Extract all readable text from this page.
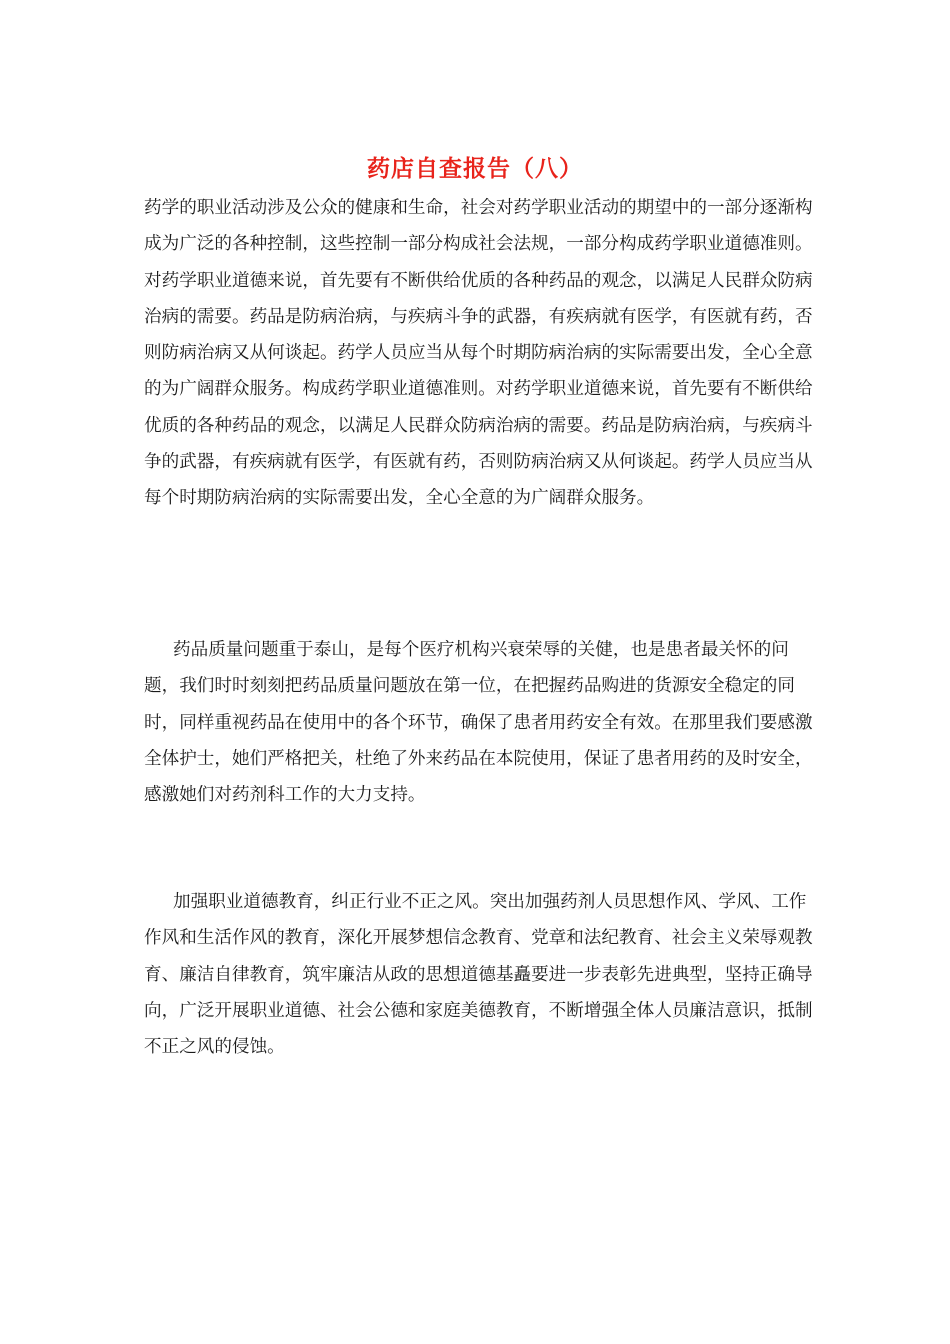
药店自查报告（八）

药学的职业活动涉及公众的健康和生命，社会对药学职业活动的期望中的一部分逐渐构成为广泛的各种控制，这些控制一部分构成社会法规，一部分构成药学职业道德准则。对药学职业道德来说，首先要有不断供给优质的各种药品的观念，以满足人民群众防病治病的需要。药品是防病治病，与疾病斗争的武器，有疾病就有医学，有医就有药，否则防病治病又从何谈起。药学人员应当从每个时期防病治病的实际需要出发，全心全意的为广阔群众服务。构成药学职业道德准则。对药学职业道德来说，首先要有不断供给优质的各种药品的观念，以满足人民群众防病治病的需要。药品是防病治病，与疾病斗争的武器，有疾病就有医学，有医就有药，否则防病治病又从何谈起。药学人员应当从每个时期防病治病的实际需要出发，全心全意的为广阔群众服务。

药品质量问题重于泰山，是每个医疗机构兴衰荣辱的关健，也是患者最关怀的问题，我们时时刻刻把药品质量问题放在第一位，在把握药品购进的货源安全稳定的同时，同样重视药品在使用中的各个环节，确保了患者用药安全有效。在那里我们要感激全体护士，她们严格把关，杜绝了外来药品在本院使用，保证了患者用药的及时安全，感激她们对药剂科工作的大力支持。

加强职业道德教育，纠正行业不正之风。突出加强药剂人员思想作风、学风、工作作风和生活作风的教育，深化开展梦想信念教育、党章和法纪教育、社会主义荣辱观教育、廉洁自律教育，筑牢廉洁从政的思想道德基矗要进一步表彰先进典型，坚持正确导向，广泛开展职业道德、社会公德和家庭美德教育，不断增强全体人员廉洁意识，抵制不正之风的侵蚀。
